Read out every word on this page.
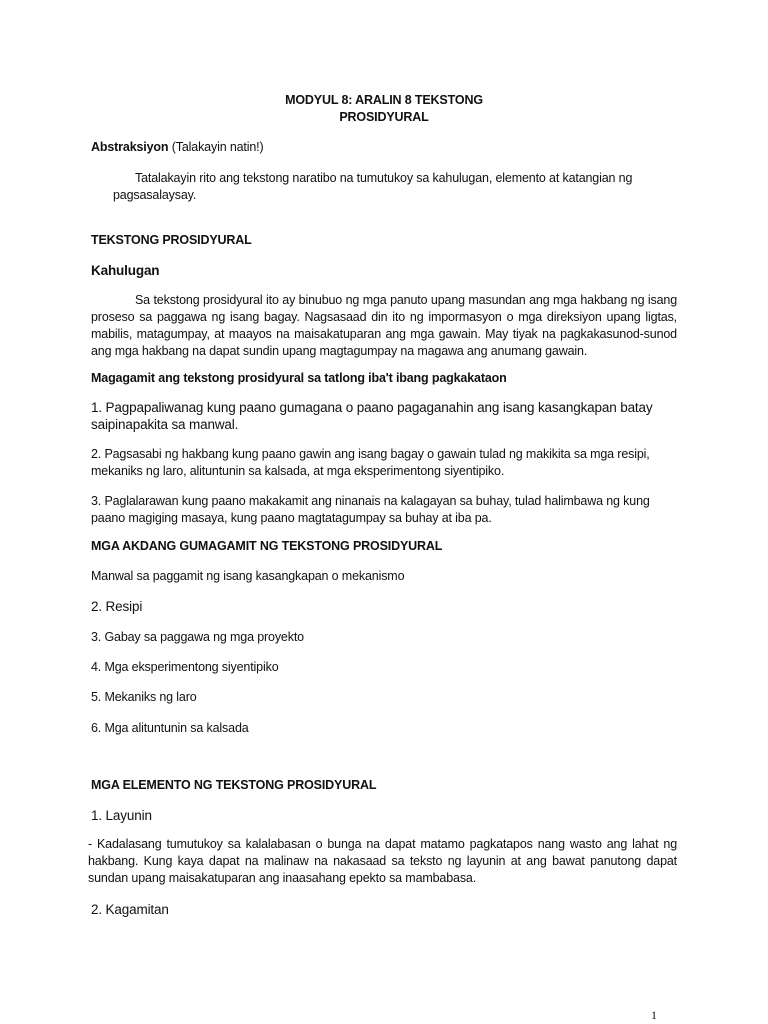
MODYUL 8: ARALIN 8 TEKSTONG
PROSIDYURAL
Abstraksiyon (Talakayin natin!)
Tatalakayin rito ang tekstong naratibo na tumutukoy sa kahulugan, elemento at katangian ng
pagsasalaysay.
TEKSTONG PROSIDYURAL
Kahulugan

Sa tekstong prosidyural ito ay binubuo ng mga panuto upang masundan ang mga hakbang ng isang proseso sa paggawa ng isang bagay. Nagsasaad din ito ng impormasyon o mga direksiyon upang ligtas, mabilis, matagumpay, at maayos na maisakatuparan ang mga gawain. May tiyak na pagkakasunod-sunod ang mga hakbang na dapat sundin upang magtagumpay na magawa ang anumang gawain.

Magagamit ang tekstong prosidyural sa tatlong iba't ibang pagkakataon

1. Pagpapaliwanag kung paano gumagana o paano pagaganahin ang isang kasangkapan batay saipinapakita sa manwal.

2. Pagsasabi ng hakbang kung paano gawin ang isang bagay o gawain tulad ng makikita sa mga resipi, mekaniks ng laro, alituntunin sa kalsada, at mga eksperimentong siyentipiko.

3. Paglalarawan kung paano makakamit ang ninanais na kalagayan sa buhay, tulad halimbawa ng kung paano magiging masaya, kung paano magtatagumpay sa buhay at iba pa.

MGA AKDANG GUMAGAMIT NG TEKSTONG PROSIDYURAL
Manwal sa paggamit ng isang kasangkapan o mekanismo
2. Resipi
3. Gabay sa paggawa ng mga proyekto
4. Mga eksperimentong siyentipiko
5. Mekaniks ng laro
6. Mga alituntunin sa kalsada
MGA ELEMENTO NG TEKSTONG PROSIDYURAL
1. Layunin

- Kadalasang tumutukoy sa kalalabasan o bunga na dapat matamo pagkatapos nang wasto ang lahat ng hakbang. Kung kaya dapat na malinaw na nakasaad sa teksto ng layunin at ang bawat panutong dapat sundan upang maisakatuparan ang inaasahang epekto sa mambabasa.

2. Kagamitan
1
